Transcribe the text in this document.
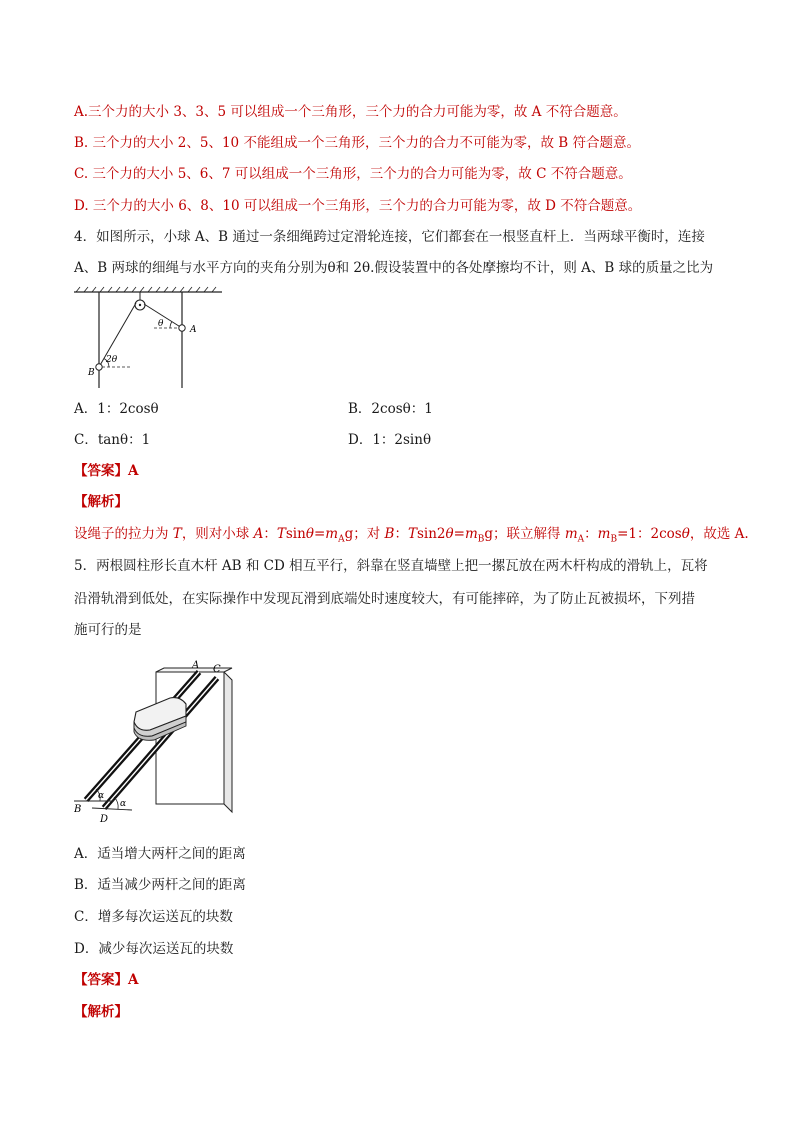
A.三个力的大小 3、3、5 可以组成一个三角形，三个力的合力可能为零，故 A 不符合题意。
B. 三个力的大小 2、5、10 不能组成一个三角形，三个力的合力不可能为零，故 B 符合题意。
C. 三个力的大小 5、6、7 可以组成一个三角形，三个力的合力可能为零，故 C 不符合题意。
D. 三个力的大小 6、8、10 可以组成一个三角形，三个力的合力可能为零，故 D 不符合题意。
4．如图所示，小球 A、B 通过一条细绳跨过定滑轮连接，它们都套在一根竖直杆上．当两球平衡时，连接
A、B 两球的细绳与水平方向的夹角分别为θ和 2θ.假设装置中的各处摩擦均不计，则 A、B 球的质量之比为
θ
A
2θ
B
A．1：2cosθ	B．2cosθ：1
C．tanθ：1	D．1：2sinθ
【答案】A
【解析】
设绳子的拉力为 T，则对小球 A：$Tsin\theta=m_Ag$；对 B：$Tsin2\theta=m_Bg$；联立解得 $m_A$：$m_B=1$：2cosθ，故选 A.
5．两根圆柱形长直木杆 AB 和 CD 相互平行，斜靠在竖直墙壁上把一摞瓦放在两木杆构成的滑轨上，瓦将
沿滑轨滑到低处，在实际操作中发现瓦滑到底端处时速度较大，有可能摔碎，为了防止瓦被损坏，下列措
施可行的是
A C
B
D
α
α
A．适当增大两杆之间的距离
B．适当减少两杆之间的距离
C．增多每次运送瓦的块数
D．减少每次运送瓦的块数
【答案】A
【解析】
